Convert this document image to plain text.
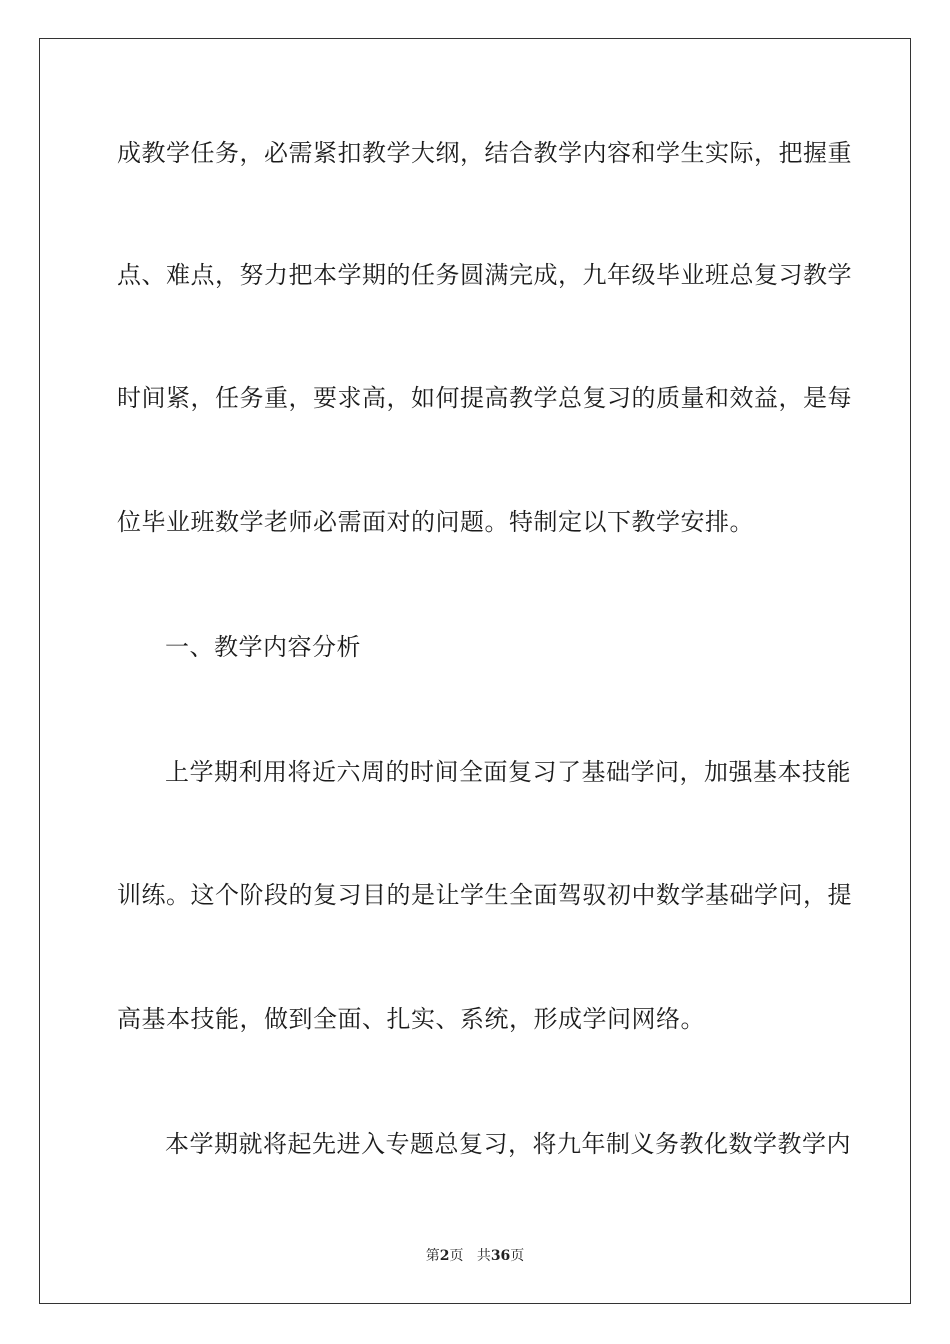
成教学任务，必需紧扣教学大纲，结合教学内容和学生实际，把握重
点、难点，努力把本学期的任务圆满完成，九年级毕业班总复习教学
时间紧，任务重，要求高，如何提高教学总复习的质量和效益，是每
位毕业班数学老师必需面对的问题。特制定以下教学安排。
一、教学内容分析
上学期利用将近六周的时间全面复习了基础学问，加强基本技能
训练。这个阶段的复习目的是让学生全面驾驭初中数学基础学问，提
高基本技能，做到全面、扎实、系统，形成学问网络。
本学期就将起先进入专题总复习，将九年制义务教化数学教学内
第2页 共36页
